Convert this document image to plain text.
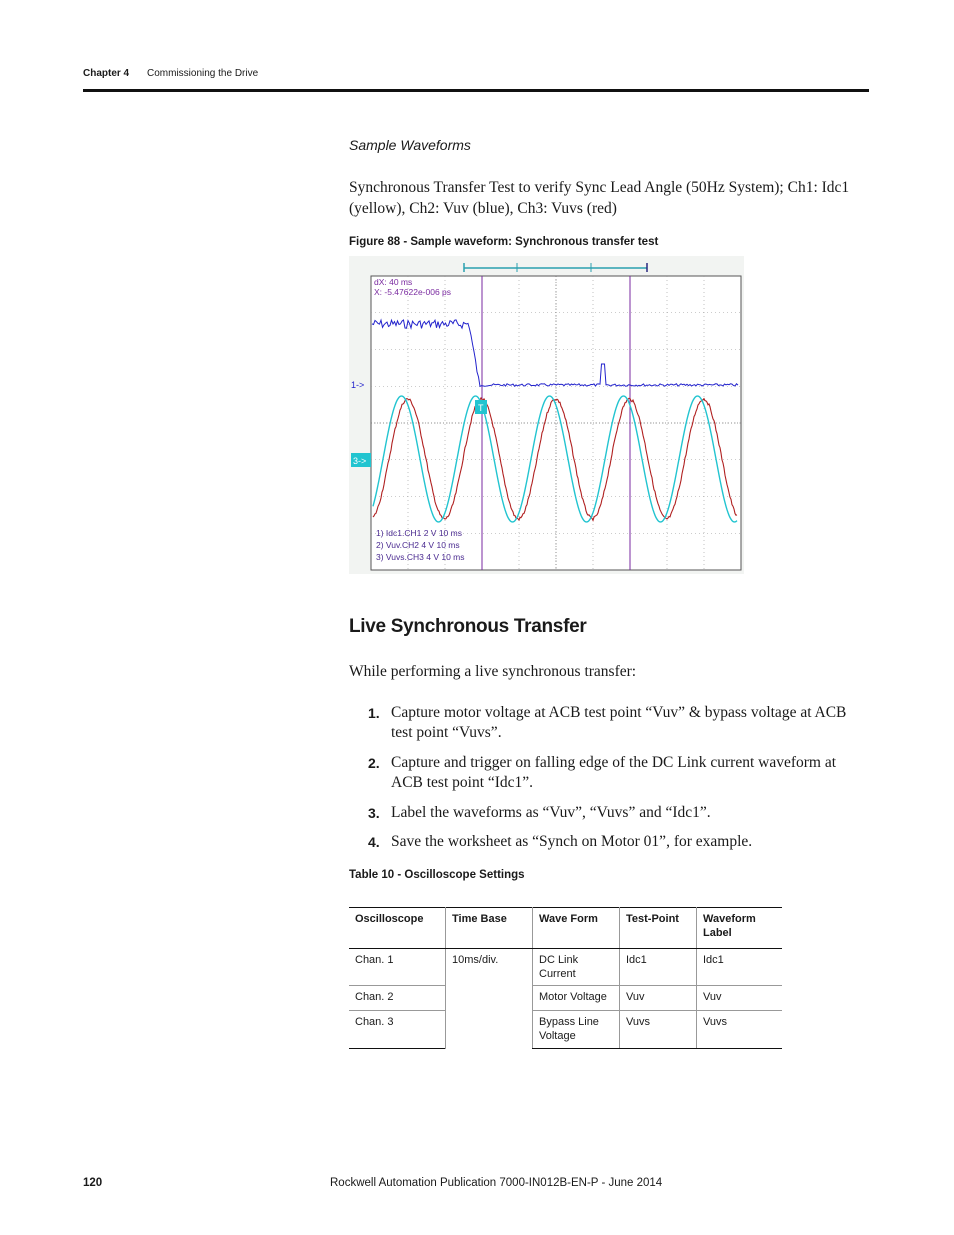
Chapter 4 Commissioning the Drive
Sample Waveforms
Synchronous Transfer Test to verify Sync Lead Angle (50Hz System); Ch1: Idc1 (yellow), Ch2: Vuv (blue), Ch3: Vuvs (red)
Figure 88 - Sample waveform: Synchronous transfer test
dX: 40 ms
X: -5.47622e-006 ps
1->
3->
T
1) Idc1.CH1 2 V 10 ms
2) Vuv.CH2 4 V 10 ms
3) Vuvs.CH3 4 V 10 ms
Live Synchronous Transfer
While performing a live synchronous transfer:
1. Capture motor voltage at ACB test point “Vuv” & bypass voltage at ACB test point “Vuvs”.
2. Capture and trigger on falling edge of the DC Link current waveform at ACB test point “Idc1”.
3. Label the waveforms as “Vuv”, “Vuvs” and “Idc1”.
4. Save the worksheet as “Synch on Motor 01”, for example.
Table 10 - Oscilloscope Settings
Oscilloscope	Time Base	Wave Form	Test-Point	Waveform Label
Chan. 1	10ms/div.	DC Link Current	Idc1	Idc1
Chan. 2		Motor Voltage	Vuv	Vuv
Chan. 3		Bypass Line Voltage	Vuvs	Vuvs
120	Rockwell Automation Publication 7000-IN012B-EN-P - June 2014
